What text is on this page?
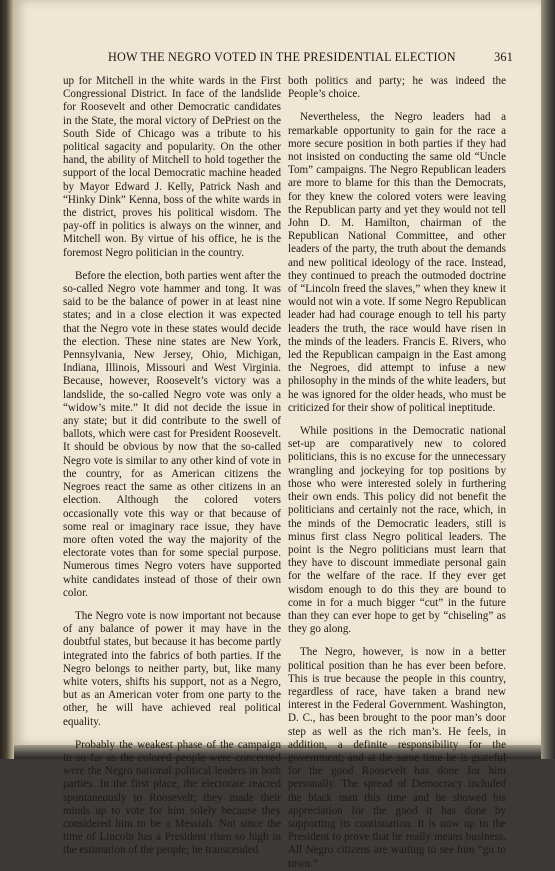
HOW THE NEGRO VOTED IN THE PRESIDENTIAL ELECTION	361

up for Mitchell in the white wards in the First Congressional District. In face of the landslide for Roosevelt and other Democratic candidates in the State, the moral victory of DePriest on the South Side of Chicago was a tribute to his political sagacity and popularity. On the other hand, the ability of Mitchell to hold together the support of the local Democratic machine headed by Mayor Edward J. Kelly, Patrick Nash and “Hinky Dink” Kenna, boss of the white wards in the district, proves his political wisdom. The pay-off in politics is always on the winner, and Mitchell won. By virtue of his office, he is the foremost Negro politician in the country.

Before the election, both parties went after the so-called Negro vote hammer and tong. It was said to be the balance of power in at least nine states; and in a close election it was expected that the Negro vote in these states would decide the election. These nine states are New York, Pennsylvania, New Jersey, Ohio, Michigan, Indiana, Illinois, Missouri and West Virginia. Because, however, Roosevelt’s victory was a landslide, the so-called Negro vote was only a “widow’s mite.” It did not decide the issue in any state; but it did contribute to the swell of ballots, which were cast for President Roosevelt. It should be obvious by now that the so-called Negro vote is similar to any other kind of vote in the country, for as American citizens the Negroes react the same as other citizens in an election. Although the colored voters occasionally vote this way or that because of some real or imaginary race issue, they have more often voted the way the majority of the electorate votes than for some special purpose. Numerous times Negro voters have supported white candidates instead of those of their own color.

The Negro vote is now important not because of any balance of power it may have in the doubtful states, but because it has become partly integrated into the fabrics of both parties. If the Negro belongs to neither party, but, like many white voters, shifts his support, not as a Negro, but as an American voter from one party to the other, he will have achieved real political equality.

Probably the weakest phase of the campaign in so far as the colored people were concerned were the Negro national political leaders in both parties. In the first place, the electorate reacted spontaneously to Roosevelt; they made their minds up to vote for him solely because they considered him to be a Messiah. Not since the time of Lincoln has a President risen so high in the estimation of the people; he transcended

both politics and party; he was indeed the People’s choice.

Nevertheless, the Negro leaders had a remarkable opportunity to gain for the race a more secure position in both parties if they had not insisted on conducting the same old “Uncle Tom” campaigns. The Negro Republican leaders are more to blame for this than the Democrats, for they knew the colored voters were leaving the Republican party and yet they would not tell John D. M. Hamilton, chairman of the Republican National Committee, and other leaders of the party, the truth about the demands and new political ideology of the race. Instead, they continued to preach the outmoded doctrine of “Lincoln freed the slaves,” when they knew it would not win a vote. If some Negro Republican leader had had courage enough to tell his party leaders the truth, the race would have risen in the minds of the leaders. Francis E. Rivers, who led the Republican campaign in the East among the Negroes, did attempt to infuse a new philosophy in the minds of the white leaders, but he was ignored for the older heads, who must be criticized for their show of political ineptitude.

While positions in the Democratic national set-up are comparatively new to colored politicians, this is no excuse for the unnecessary wrangling and jockeying for top positions by those who were interested solely in furthering their own ends. This policy did not benefit the politicians and certainly not the race, which, in the minds of the Democratic leaders, still is minus first class Negro political leaders. The point is the Negro politicians must learn that they have to discount immediate personal gain for the welfare of the race. If they ever get wisdom enough to do this they are bound to come in for a much bigger “cut” in the future than they can ever hope to get by “chiseling” as they go along.

The Negro, however, is now in a better political position than he has ever been before. This is true because the people in this country, regardless of race, have taken a brand new interest in the Federal Government. Washington, D. C., has been brought to the poor man’s door step as well as the rich man’s. He feels, in addition, a definite responsibility for the government; and at the same time he is grateful for the good Roosevelt has done for him personally. The spread of Democracy included the black man this time and he showed his appreciation for the good it has done by supporting its continuation. It is now up to the President to prove that he really means business. All Negro citizens are waiting to see him “go to town.”
